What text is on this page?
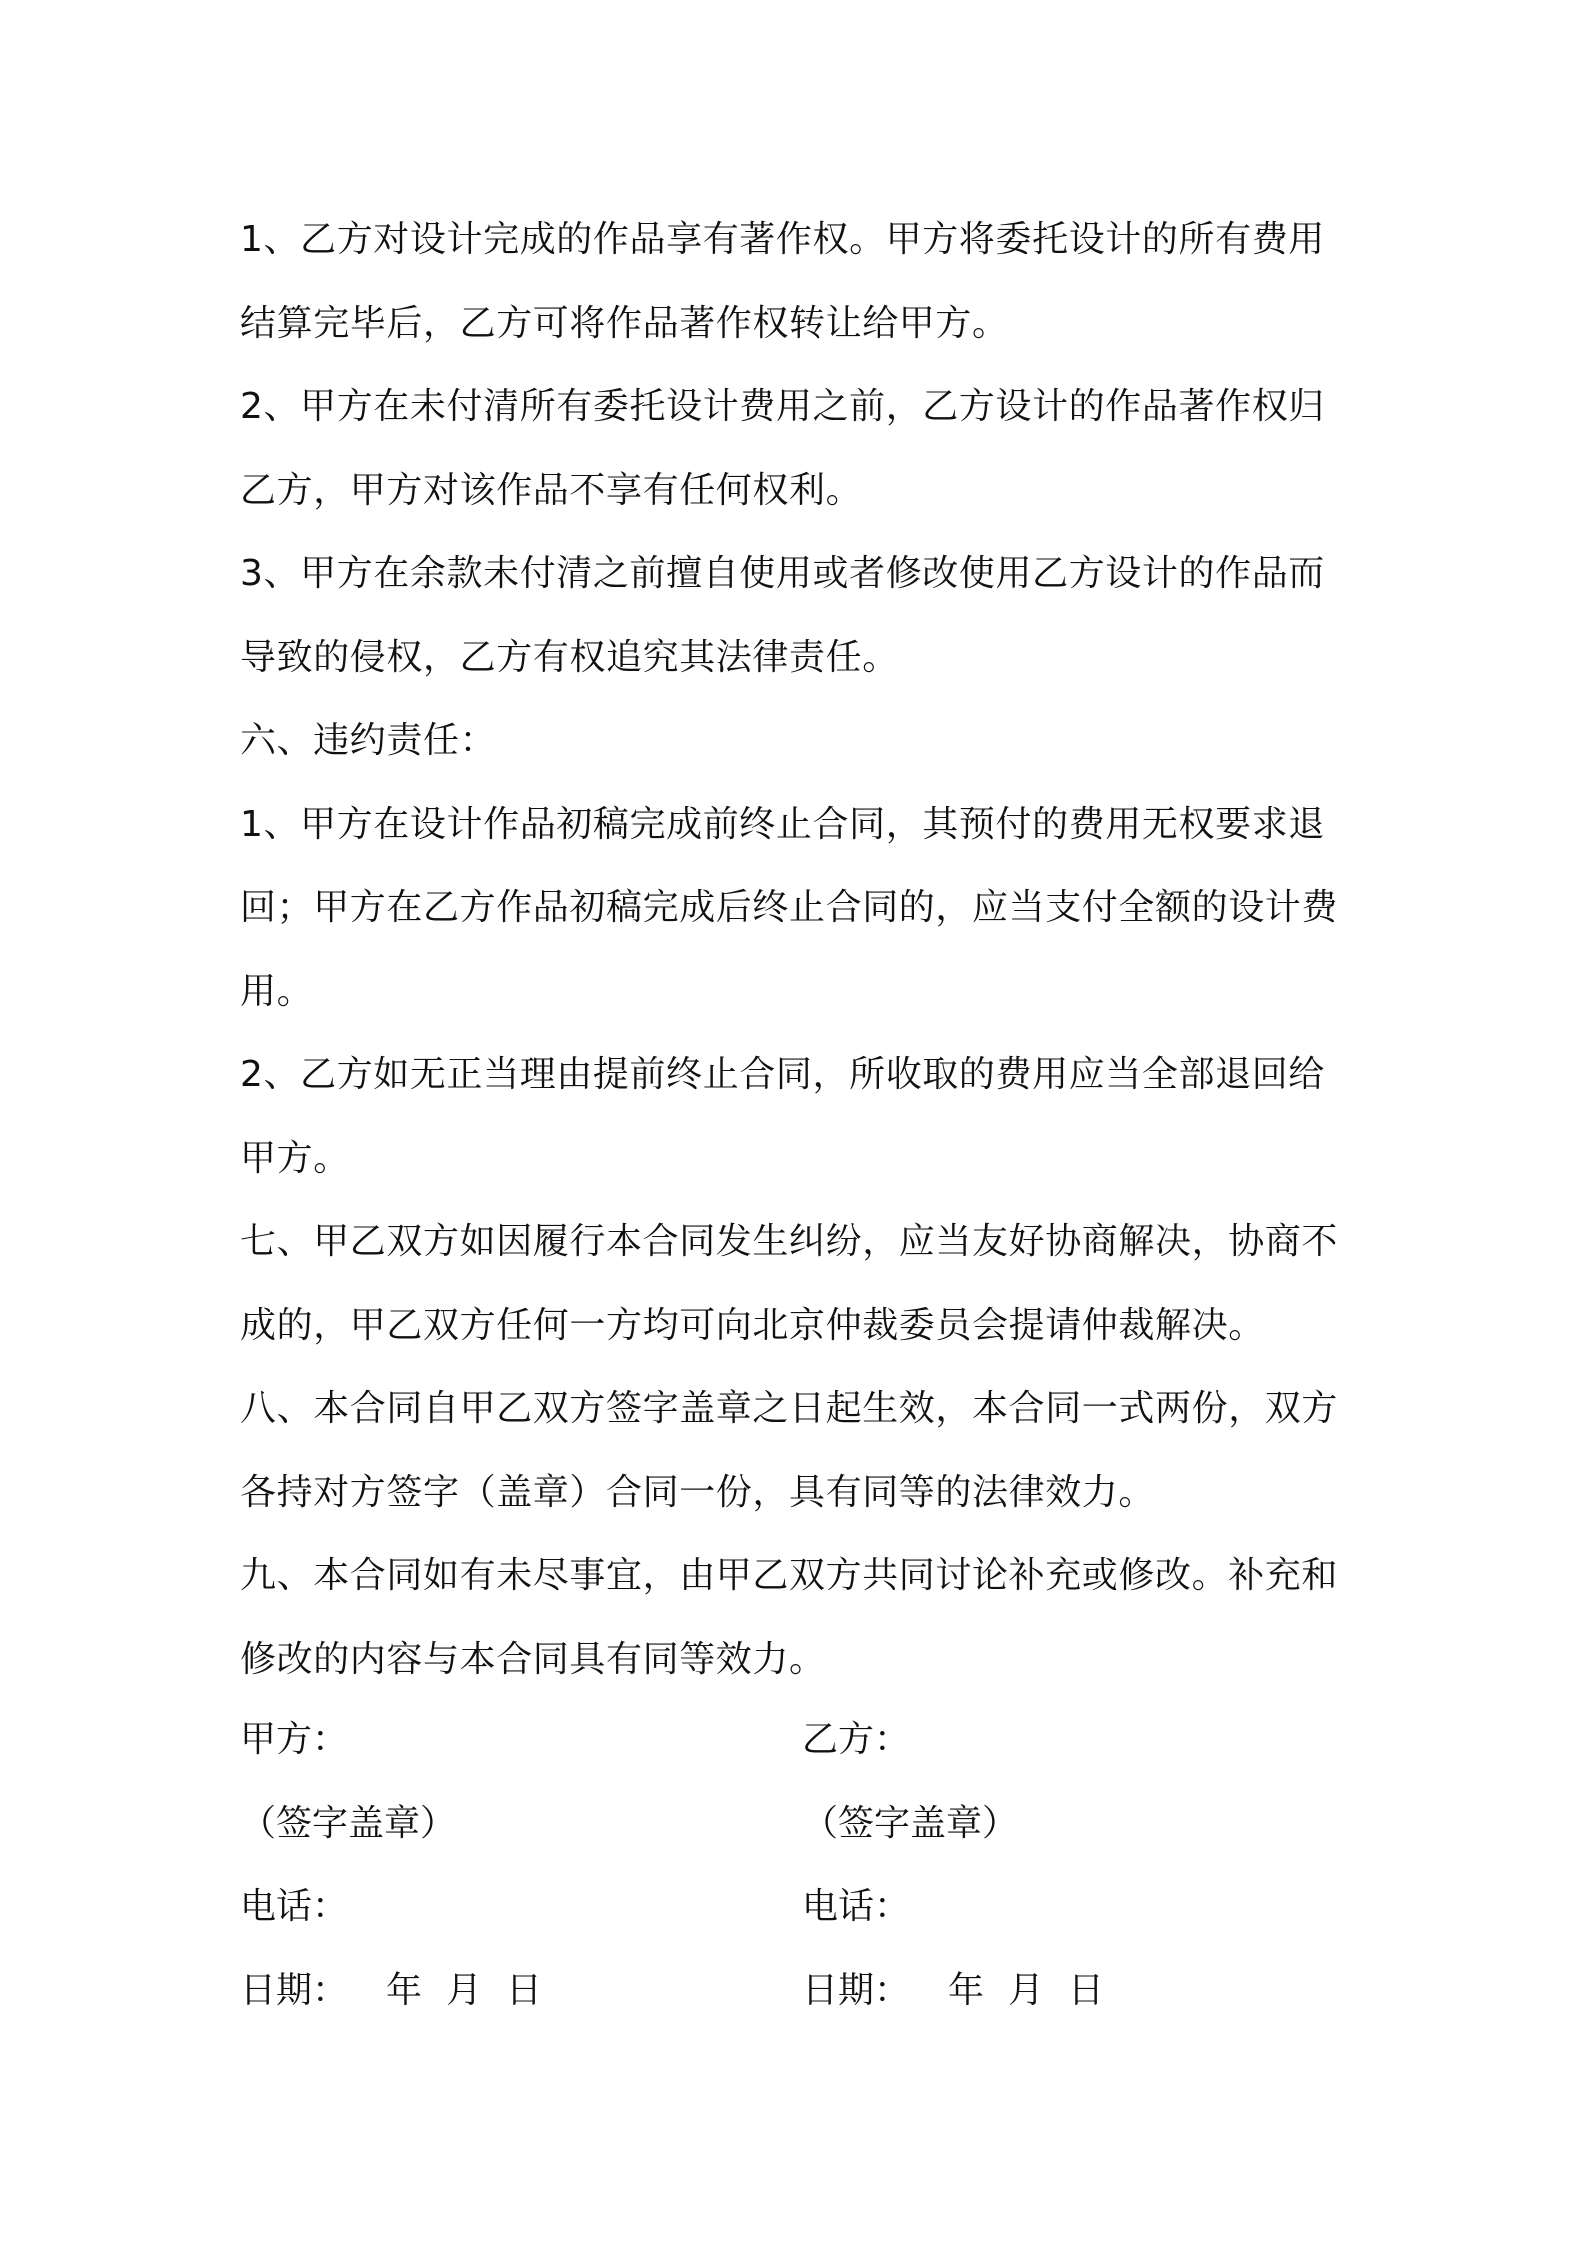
1、乙方对设计完成的作品享有著作权。甲方将委托设计的所有费用
结算完毕后，乙方可将作品著作权转让给甲方。
2、甲方在未付清所有委托设计费用之前，乙方设计的作品著作权归
乙方，甲方对该作品不享有任何权利。
3、甲方在余款未付清之前擅自使用或者修改使用乙方设计的作品而
导致的侵权，乙方有权追究其法律责任。
六、违约责任：
1、甲方在设计作品初稿完成前终止合同，其预付的费用无权要求退
回；甲方在乙方作品初稿完成后终止合同的，应当支付全额的设计费
用。
2、乙方如无正当理由提前终止合同，所收取的费用应当全部退回给
甲方。
七、甲乙双方如因履行本合同发生纠纷，应当友好协商解决，协商不
成的，甲乙双方任何一方均可向北京仲裁委员会提请仲裁解决。
八、本合同自甲乙双方签字盖章之日起生效，本合同一式两份，双方
各持对方签字（盖章）合同一份，具有同等的法律效力。
九、本合同如有未尽事宜，由甲乙双方共同讨论补充或修改。补充和
修改的内容与本合同具有同等效力。
甲方：	乙方：
（签字盖章）	（签字盖章）
电话：	电话：
日期： 年 月 日	日期： 年 月 日
